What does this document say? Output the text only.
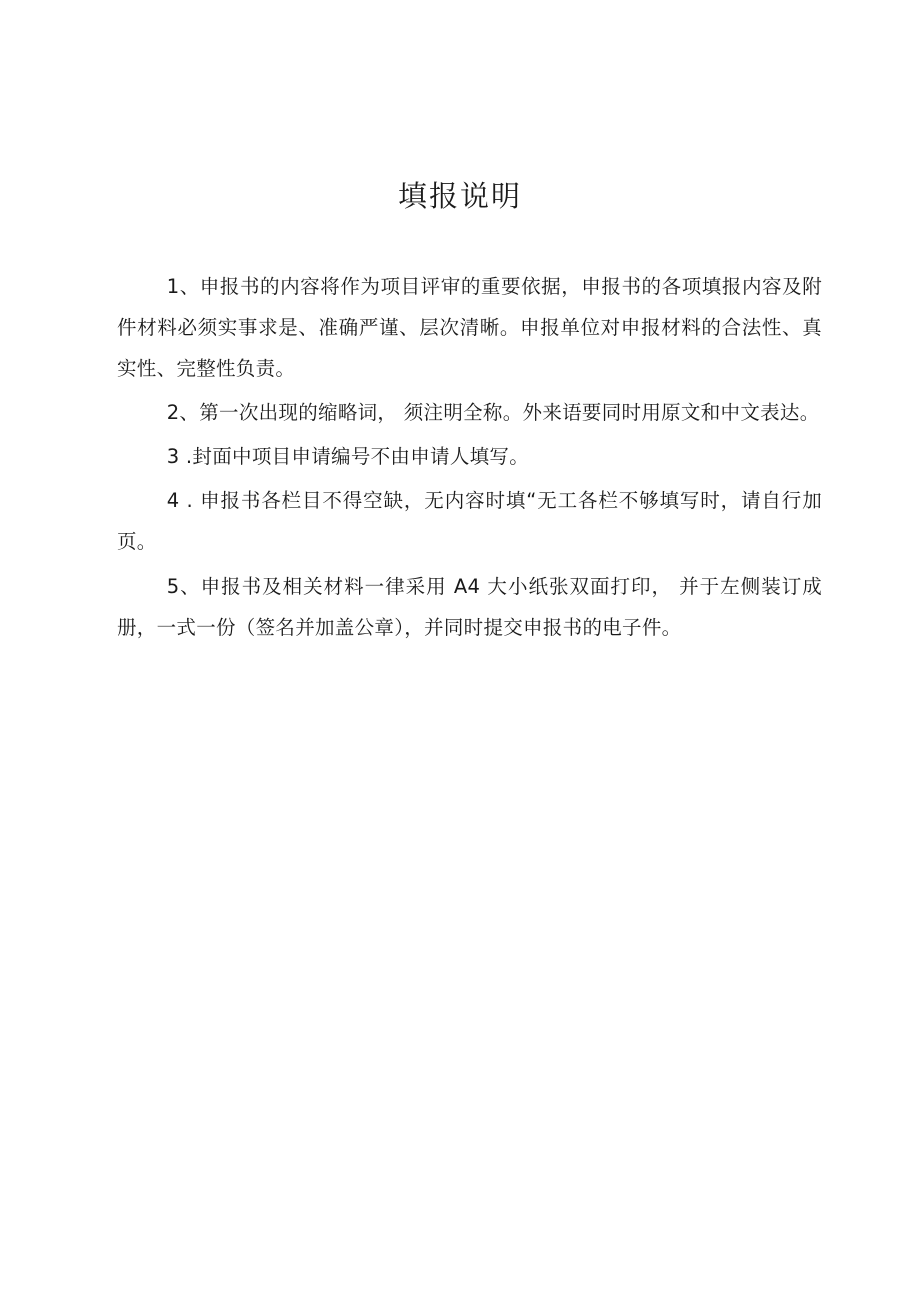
填报说明

1、申报书的内容将作为项目评审的重要依据，申报书的各项填报内容及附件材料必须实事求是、准确严谨、层次清晰。申报单位对申报材料的合法性、真实性、完整性负责。

2、第一次出现的缩略词， 须注明全称。外来语要同时用原文和中文表达。

3 .封面中项目申请编号不由申请人填写。

4 . 申报书各栏目不得空缺，无内容时填“无工各栏不够填写时，请自行加页。

5、申报书及相关材料一律采用 A4 大小纸张双面打印， 并于左侧装订成册，一式一份（签名并加盖公章），并同时提交申报书的电子件。
